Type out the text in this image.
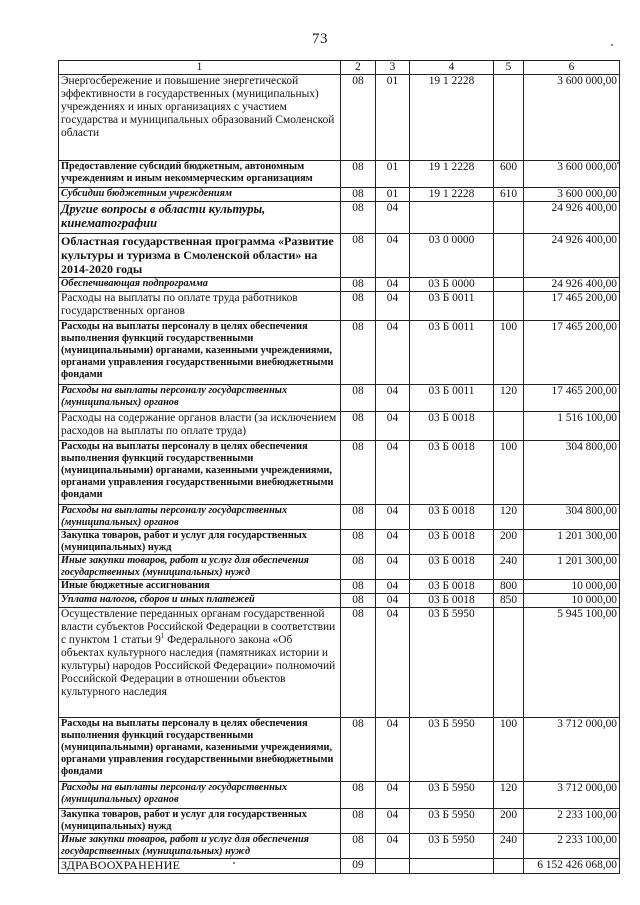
73
1	2	3	4	5	6
Энергосбережение и повышение энергетической эффективности в государственных (муниципальных) учреждениях и иных организациях с участием государства и муниципальных образований Смоленской области	08	01	19 1 2228		3 600 000,00
Предоставление субсидий бюджетным, автономным учреждениям и иным некоммерческим организациям	08	01	19 1 2228	600	3 600 000,00
Субсидии бюджетным учреждениям	08	01	19 1 2228	610	3 600 000,00
Другие вопросы в области культуры, кинематографии	08	04			24 926 400,00
Областная государственная программа «Развитие культуры и туризма в Смоленской области» на 2014-2020 годы	08	04	03 0 0000		24 926 400,00
Обеспечивающая подпрограмма	08	04	03 Б 0000		24 926 400,00
Расходы на выплаты по оплате труда работников государственных органов	08	04	03 Б 0011		17 465 200,00
Расходы на выплаты персоналу в целях обеспечения выполнения функций государственными (муниципальными) органами, казенными учреждениями, органами управления государственными внебюджетными фондами	08	04	03 Б 0011	100	17 465 200,00
Расходы на выплаты персоналу государственных (муниципальных) органов	08	04	03 Б 0011	120	17 465 200,00
Расходы на содержание органов власти (за исключением расходов на выплаты по оплате труда)	08	04	03 Б 0018		1 516 100,00
Расходы на выплаты персоналу в целях обеспечения выполнения функций государственными (муниципальными) органами, казенными учреждениями, органами управления государственными внебюджетными фондами	08	04	03 Б 0018	100	304 800,00
Расходы на выплаты персоналу государственных (муниципальных) органов	08	04	03 Б 0018	120	304 800,00
Закупка товаров, работ и услуг для государственных (муниципальных) нужд	08	04	03 Б 0018	200	1 201 300,00
Иные закупки товаров, работ и услуг для обеспечения государственных (муниципальных) нужд	08	04	03 Б 0018	240	1 201 300,00
Иные бюджетные ассигнования	08	04	03 Б 0018	800	10 000,00
Уплата налогов, сборов и иных платежей	08	04	03 Б 0018	850	10 000,00
Осуществление переданных органам государственной власти субъектов Российской Федерации в соответствии с пунктом 1 статьи $9^1$ Федерального закона «Об объектах культурного наследия (памятниках истории и культуры) народов Российской Федерации» полномочий Российской Федерации в отношении объектов культурного наследия	08	04	03 Б 5950		5 945 100,00
Расходы на выплаты персоналу в целях обеспечения выполнения функций государственными (муниципальными) органами, казенными учреждениями, органами управления государственными внебюджетными фондами	08	04	03 Б 5950	100	3 712 000,00
Расходы на выплаты персоналу государственных (муниципальных) органов	08	04	03 Б 5950	120	3 712 000,00
Закупка товаров, работ и услуг для государственных (муниципальных) нужд	08	04	03 Б 5950	200	2 233 100,00
Иные закупки товаров, работ и услуг для обеспечения государственных (муниципальных) нужд	08	04	03 Б 5950	240	2 233 100,00
ЗДРАВООХРАНЕНИЕ	09				6 152 426 068,00
